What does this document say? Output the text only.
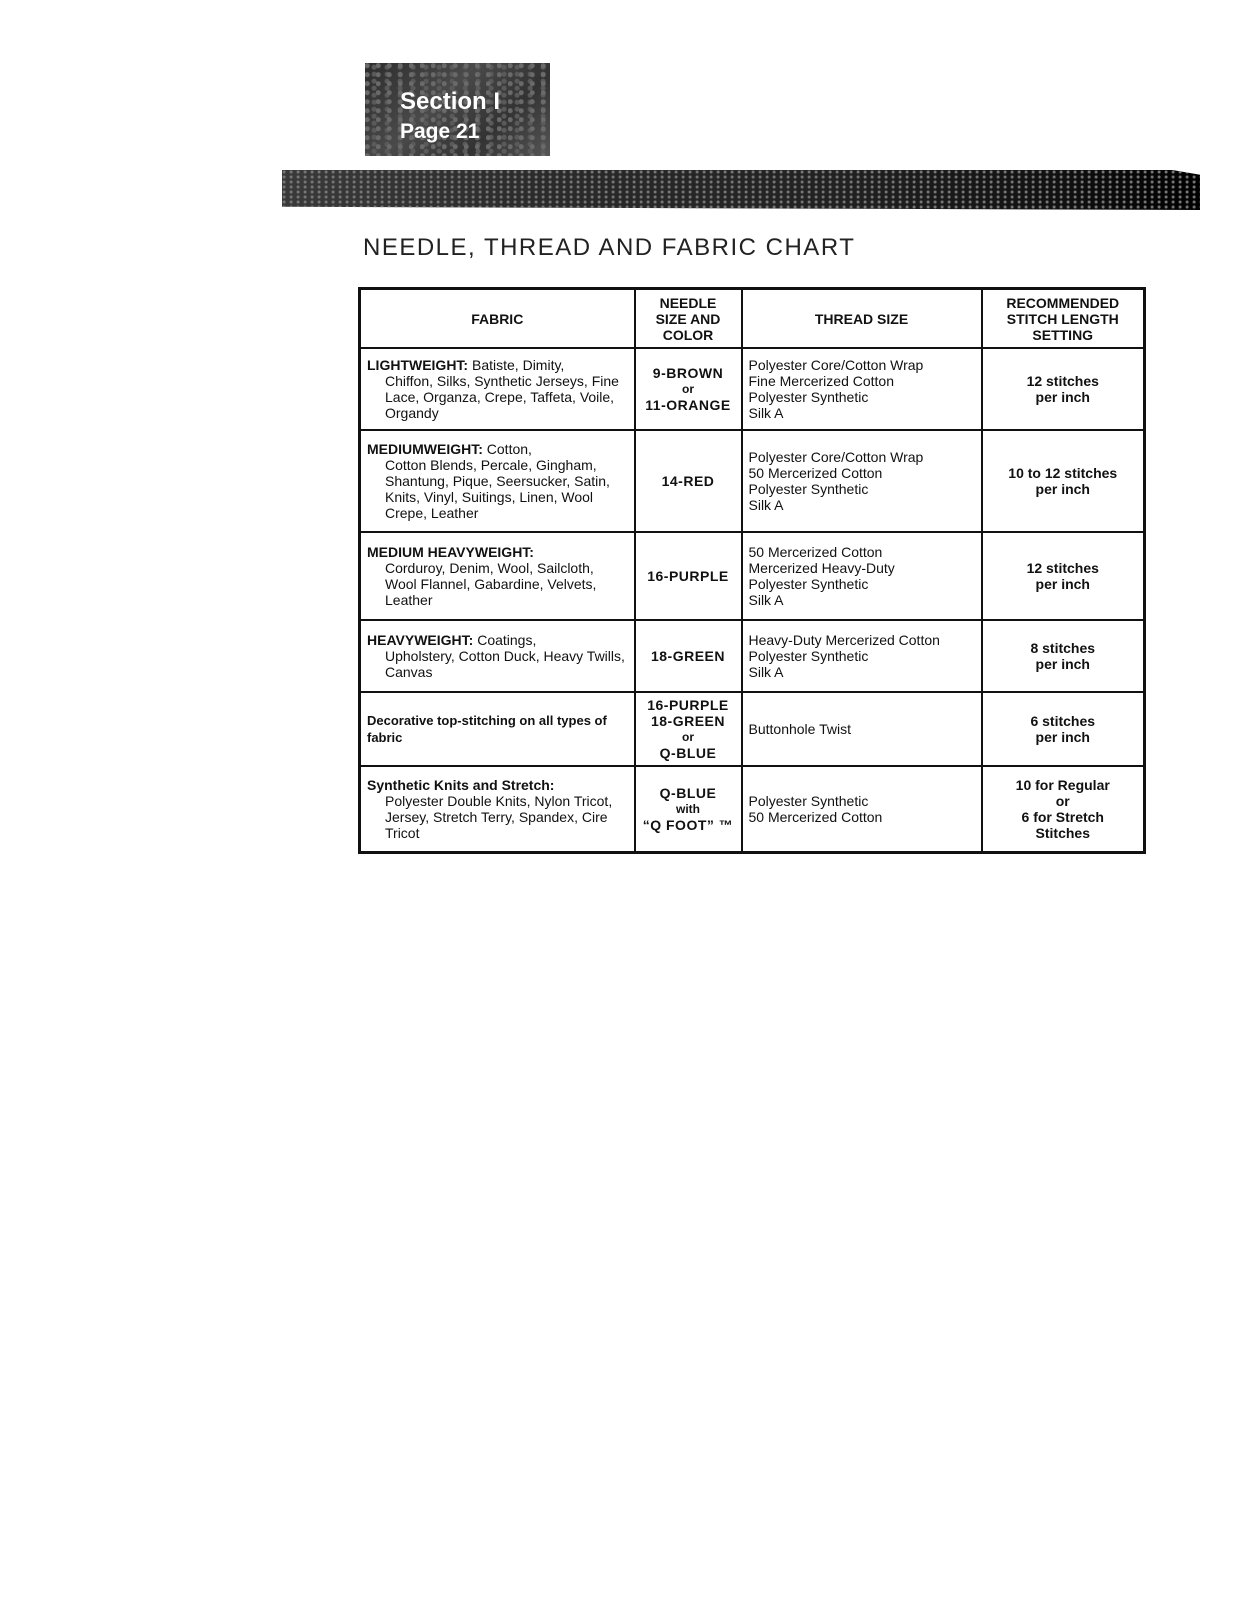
Section I
Page 21
NEEDLE, THREAD AND FABRIC CHART
FABRIC	NEEDLE
SIZE AND
COLOR	THREAD SIZE	RECOMMENDED
STITCH LENGTH
SETTING

LIGHTWEIGHT: Batiste, Dimity,
Chiffon, Silks, Synthetic Jerseys, Fine Lace, Organza, Crepe, Taffeta, Voile, Organdy	9-BROWN
or
11-ORANGE	Polyester Core/Cotton Wrap
Fine Mercerized Cotton
Polyester Synthetic
Silk A	12 stitches
per inch

MEDIUMWEIGHT: Cotton,
Cotton Blends, Percale, Gingham, Shantung, Pique, Seersucker, Satin, Knits, Vinyl, Suitings, Linen, Wool Crepe, Leather	14-RED	Polyester Core/Cotton Wrap
50 Mercerized Cotton
Polyester Synthetic
Silk A	10 to 12 stitches
per inch

MEDIUM HEAVYWEIGHT:
Corduroy, Denim, Wool, Sailcloth, Wool Flannel, Gabardine, Velvets, Leather	16-PURPLE	50 Mercerized Cotton
Mercerized Heavy-Duty
Polyester Synthetic
Silk A	12 stitches
per inch

HEAVYWEIGHT: Coatings,
Upholstery, Cotton Duck, Heavy Twills, Canvas	18-GREEN	Heavy-Duty Mercerized Cotton
Polyester Synthetic
Silk A	8 stitches
per inch

Decorative top-stitching on all types of fabric	16-PURPLE
18-GREEN
or
Q-BLUE	Buttonhole Twist	6 stitches
per inch

Synthetic Knits and Stretch:
Polyester Double Knits, Nylon Tricot, Jersey, Stretch Terry, Spandex, Cire Tricot	Q-BLUE
with
“Q FOOT” ™	Polyester Synthetic
50 Mercerized Cotton	10 for Regular
or
6 for Stretch
Stitches
